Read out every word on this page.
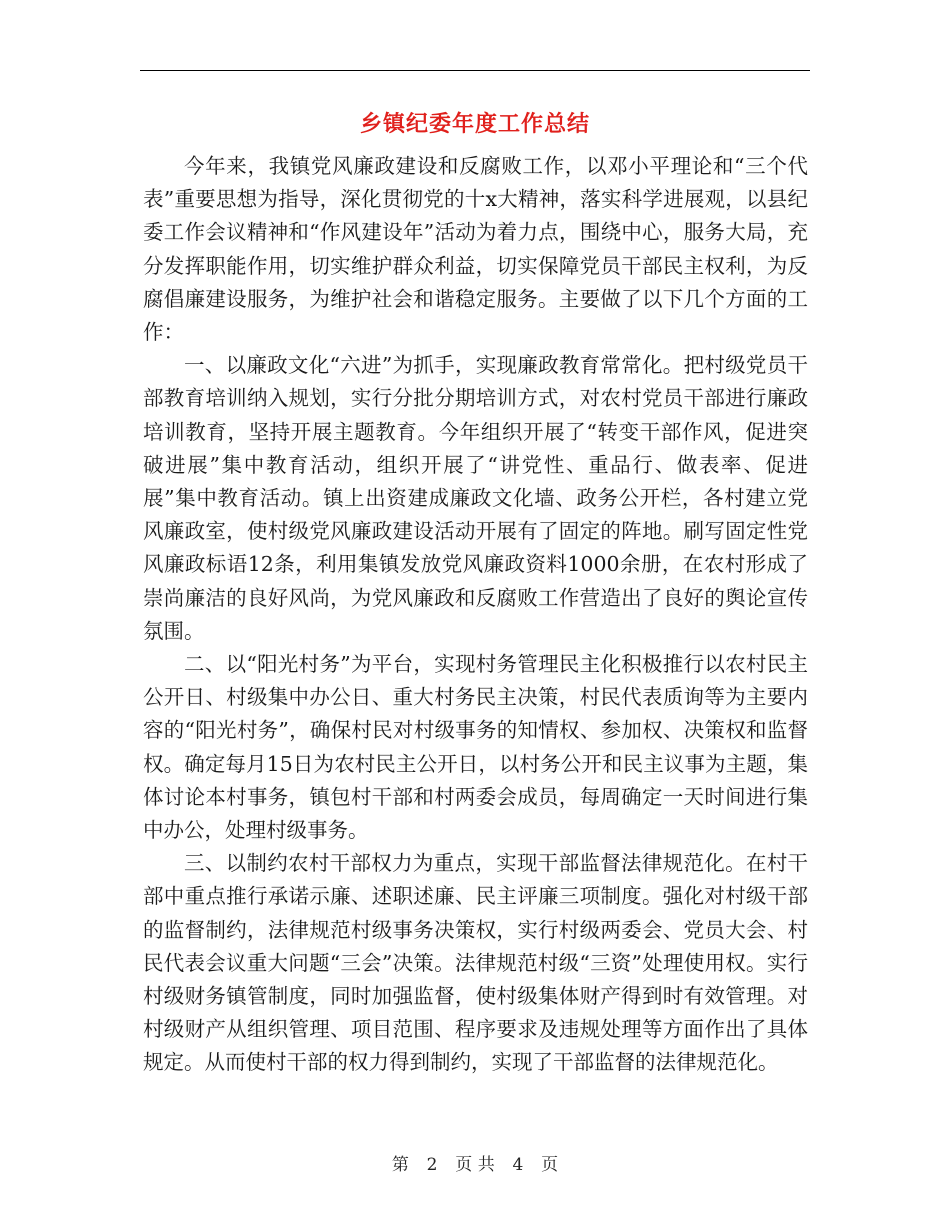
乡镇纪委年度工作总结

今年来，我镇党风廉政建设和反腐败工作，以邓小平理论和“三个代表”重要思想为指导，深化贯彻党的十x大精神，落实科学进展观，以县纪委工作会议精神和“作风建设年”活动为着力点，围绕中心，服务大局，充分发挥职能作用，切实维护群众利益，切实保障党员干部民主权利，为反腐倡廉建设服务，为维护社会和谐稳定服务。主要做了以下几个方面的工作：

一、以廉政文化“六进”为抓手，实现廉政教育常常化。把村级党员干部教育培训纳入规划，实行分批分期培训方式，对农村党员干部进行廉政培训教育，坚持开展主题教育。今年组织开展了“转变干部作风，促进突破进展”集中教育活动，组织开展了“讲党性、重品行、做表率、促进展”集中教育活动。镇上出资建成廉政文化墙、政务公开栏，各村建立党风廉政室，使村级党风廉政建设活动开展有了固定的阵地。刷写固定性党风廉政标语12条，利用集镇发放党风廉政资料1000余册，在农村形成了崇尚廉洁的良好风尚，为党风廉政和反腐败工作营造出了良好的舆论宣传氛围。

二、以“阳光村务”为平台，实现村务管理民主化积极推行以农村民主公开日、村级集中办公日、重大村务民主决策，村民代表质询等为主要内容的“阳光村务”，确保村民对村级事务的知情权、参加权、决策权和监督权。确定每月15日为农村民主公开日，以村务公开和民主议事为主题，集体讨论本村事务，镇包村干部和村两委会成员，每周确定一天时间进行集中办公，处理村级事务。

三、以制约农村干部权力为重点，实现干部监督法律规范化。在村干部中重点推行承诺示廉、述职述廉、民主评廉三项制度。强化对村级干部的监督制约，法律规范村级事务决策权，实行村级两委会、党员大会、村民代表会议重大问题“三会”决策。法律规范村级“三资”处理使用权。实行村级财务镇管制度，同时加强监督，使村级集体财产得到时有效管理。对村级财产从组织管理、项目范围、程序要求及违规处理等方面作出了具体规定。从而使村干部的权力得到制约，实现了干部监督的法律规范化。

第 2 页 共 4 页
